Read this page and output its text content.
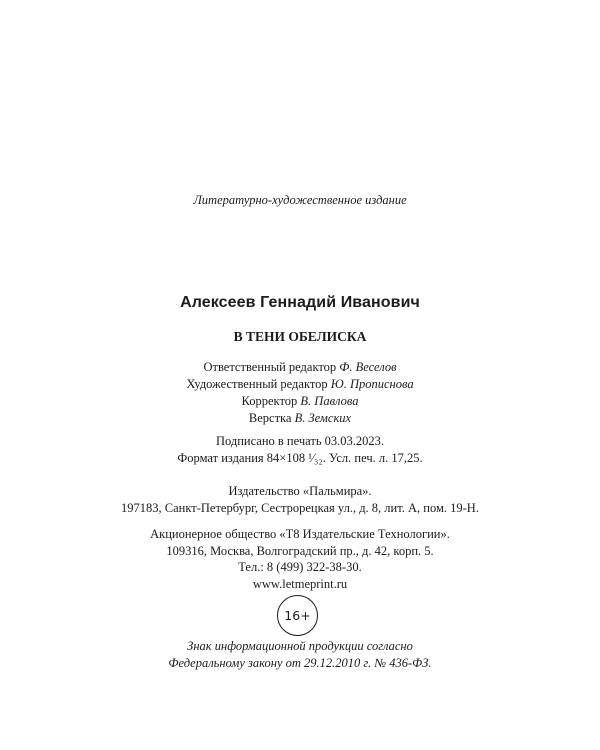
Литературно-художественное издание
Алексеев Геннадий Иванович
В ТЕНИ ОБЕЛИСКА
Ответственный редактор Ф. Веселов
Художественный редактор Ю. Прописнова
Корректор В. Павлова
Верстка В. Земских
Подписано в печать 03.03.2023.
Формат издания 84×108 ¹⁄₃₂. Усл. печ. л. 17,25.
Издательство «Пальмира».
197183, Санкт-Петербург, Сестрорецкая ул., д. 8, лит. А, пом. 19-Н.
Акционерное общество «Т8 Издательские Технологии».
109316, Москва, Волгоградский пр., д. 42, корп. 5.
Тел.: 8 (499) 322-38-30.
www.letmeprint.ru
16+
Знак информационной продукции согласно
Федеральному закону от 29.12.2010 г. № 436-ФЗ.
